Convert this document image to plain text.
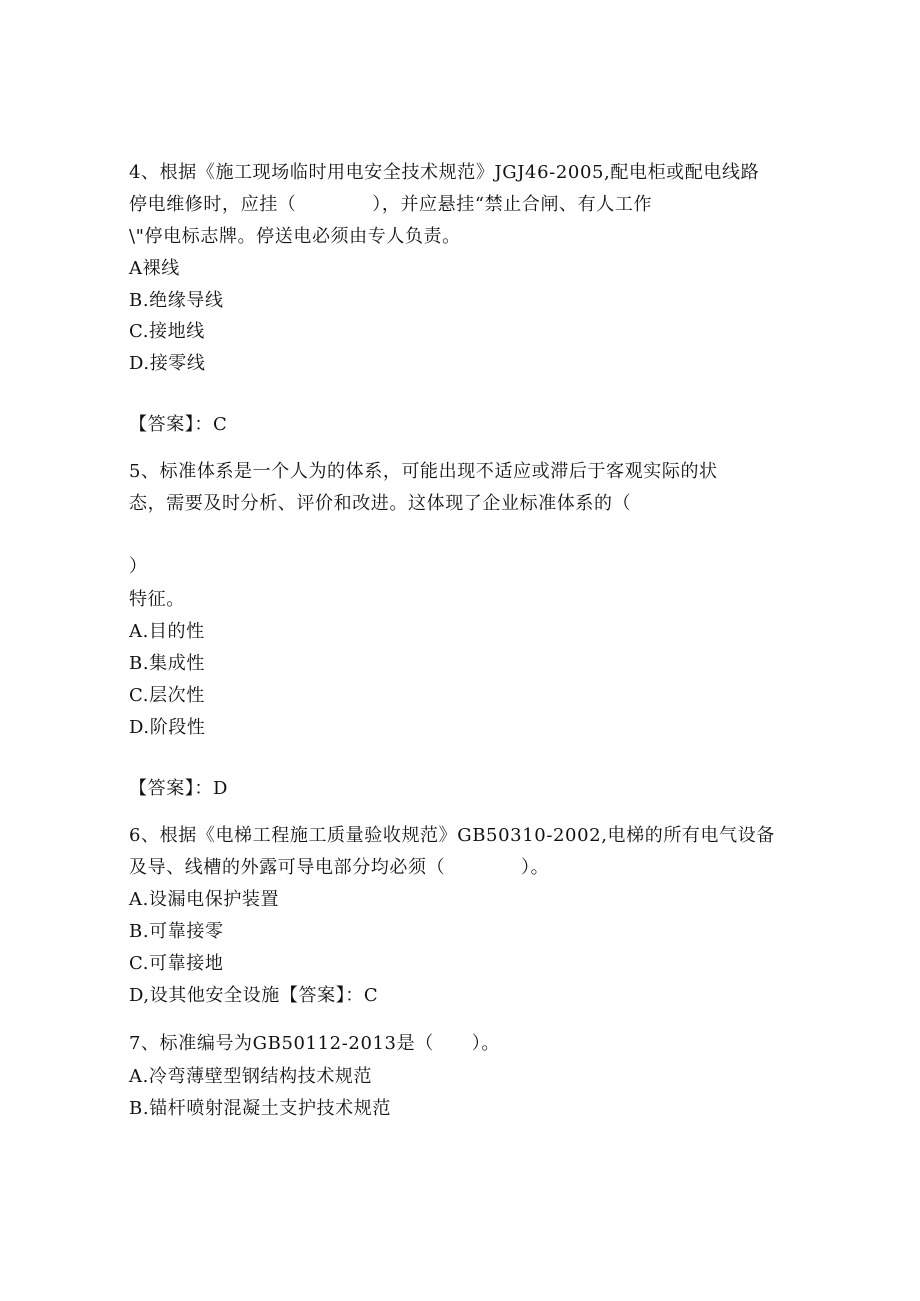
4、根据《施工现场临时用电安全技术规范》JGJ46-2005,配电柜或配电线路
停电维修时，应挂（            ），并应悬挂“禁止合闸、有人工作
\"停电标志牌。停送电必须由专人负责。
A裸线
B.绝缘导线
C.接地线
D.接零线
【答案】：C
5、标准体系是一个人为的体系，可能出现不适应或滞后于客观实际的状
态，需要及时分析、评价和改进。这体现了企业标准体系的（
）
特征。
A.目的性
B.集成性
C.层次性
D.阶段性
【答案】：D
6、根据《电梯工程施工质量验收规范》GB50310-2002,电梯的所有电气设备
及导、线槽的外露可导电部分均必须（            ）。
A.设漏电保护装置
B.可靠接零
C.可靠接地
D,设其他安全设施【答案】：C
7、标准编号为GB50112-2013是（      ）。
A.冷弯薄壁型钢结构技术规范
B.锚杆喷射混凝土支护技术规范
